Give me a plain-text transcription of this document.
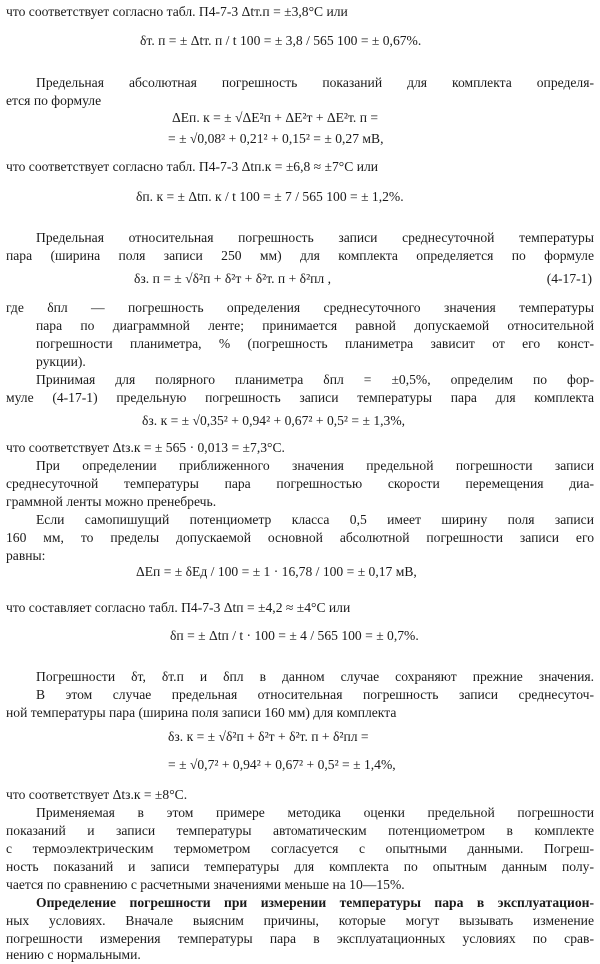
что соответствует согласно табл. П4-7-3 Δtт.п = ±3,8°С или
δт. п = ± Δtт. п / t 100 = ± 3,8 / 565 100 = ± 0,67%.
Предельная абсолютная погрешность показаний для комплекта определя-
ется по формуле
ΔEп. к = ± √ΔE²п + ΔE²т + ΔE²т. п =
= ± √0,08² + 0,21² + 0,15² = ± 0,27 мВ,
что соответствует согласно табл. П4-7-3 Δtп.к = ±6,8 ≈ ±7°С или
δп. к = ± Δtп. к / t 100 = ± 7 / 565 100 = ± 1,2%.
Предельная относительная погрешность записи среднесуточной температуры
пара (ширина поля записи 250 мм) для комплекта определяется по формуле
δз. п = ± √δ²п + δ²т + δ²т. п + δ²пл ,
где δпл — погрешность определения среднесуточного значения температуры
пара по диаграммной ленте; принимается равной допускаемой относительной
погрешности планиметра, % (погрешность планиметра зависит от его конст-
рукции).
Принимая для полярного планиметра δпл = ±0,5%, определим по фор-
муле (4-17-1) предельную погрешность записи температуры пара для комплекта
δз. к = ± √0,35² + 0,94² + 0,67² + 0,5² = ± 1,3%,
что соответствует Δtз.к = ± 565 · 0,013 = ±7,3°С.
При определении приближенного значения предельной погрешности записи
среднесуточной температуры пара погрешностью скорости перемещения диа-
граммной ленты можно пренебречь.
Если самопишущий потенциометр класса 0,5 имеет ширину поля записи
160 мм, то пределы допускаемой основной абсолютной погрешности записи его
равны:
ΔEп = ± δEд / 100 = ± 1 · 16,78 / 100 = ± 0,17 мВ,
что составляет согласно табл. П4-7-3 Δtп = ±4,2 ≈ ±4°С или
δп = ± Δtп / t · 100 = ± 4 / 565 100 = ± 0,7%.
Погрешности δт, δт.п и δпл в данном случае сохраняют прежние значения.
В этом случае предельная относительная погрешность записи среднесуточ-
ной температуры пара (ширина поля записи 160 мм) для комплекта
δз. к = ± √δ²п + δ²т + δ²т. п + δ²пл =
= ± √0,7² + 0,94² + 0,67² + 0,5² = ± 1,4%,
что соответствует Δtз.к = ±8°С.
Применяемая в этом примере методика оценки предельной погрешности
показаний и записи температуры автоматическим потенциометром в комплекте
с термоэлектрическим термометром согласуется с опытными данными. Погреш-
ность показаний и записи температуры для комплекта по опытным данным полу-
чается по сравнению с расчетными значениями меньше на 10—15%.
Определение погрешности при измерении температуры пара в эксплуатацион-
ных условиях. Вначале выясним причины, которые могут вызывать изменение
погрешности измерения температуры пара в эксплуатационных условиях по срав-
нению с нормальными.
(4-17-1)
